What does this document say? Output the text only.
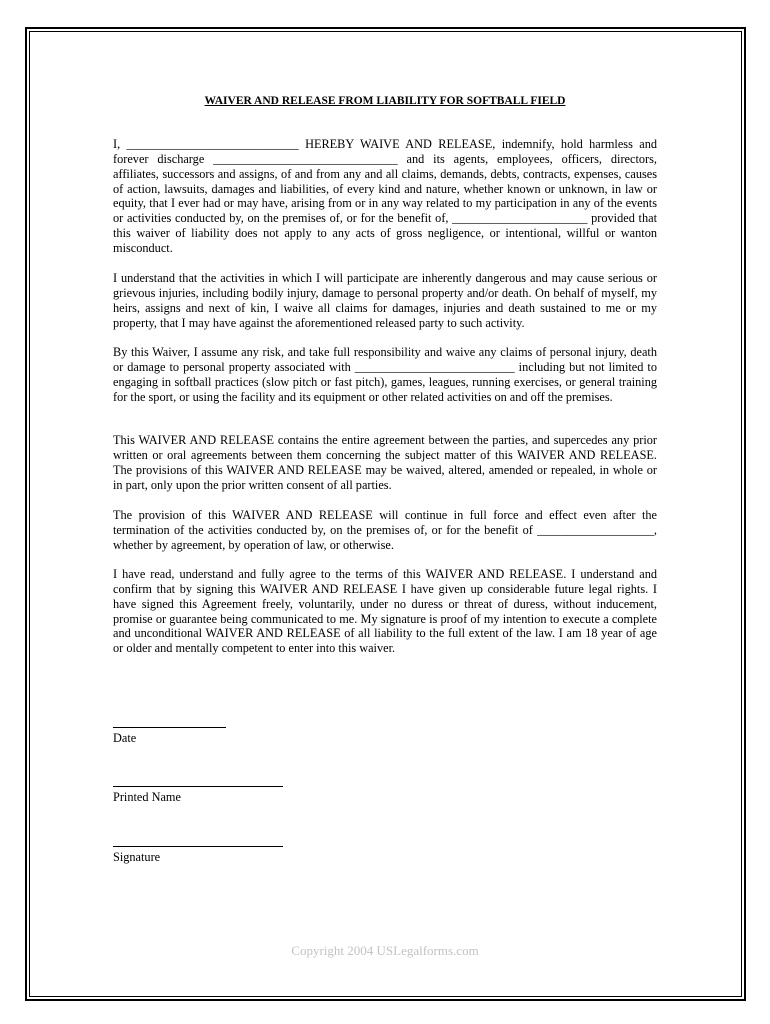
WAIVER AND RELEASE FROM LIABILITY FOR SOFTBALL FIELD

I, ____________________________ HEREBY WAIVE AND RELEASE, indemnify, hold harmless and forever discharge ______________________________ and its agents, employees, officers, directors, affiliates, successors and assigns, of and from any and all claims, demands, debts, contracts, expenses, causes of action, lawsuits, damages and liabilities, of every kind and nature, whether known or unknown, in law or equity, that I ever had or may have, arising from or in any way related to my participation in any of the events or activities conducted by, on the premises of, or for the benefit of, ______________________ provided that this waiver of liability does not apply to any acts of gross negligence, or intentional, willful or wanton misconduct.

I understand that the activities in which I will participate are inherently dangerous and may cause serious or grievous injuries, including bodily injury, damage to personal property and/or death. On behalf of myself, my heirs, assigns and next of kin, I waive all claims for damages, injuries and death sustained to me or my property, that I may have against the aforementioned released party to such activity.

By this Waiver, I assume any risk, and take full responsibility and waive any claims of personal injury, death or damage to personal property associated with __________________________ including but not limited to engaging in softball practices (slow pitch or fast pitch), games, leagues, running exercises, or general training for the sport, or using the facility and its equipment or other related activities on and off the premises.

This WAIVER AND RELEASE contains the entire agreement between the parties, and supercedes any prior written or oral agreements between them concerning the subject matter of this WAIVER AND RELEASE. The provisions of this WAIVER AND RELEASE may be waived, altered, amended or repealed, in whole or in part, only upon the prior written consent of all parties.

The provision of this WAIVER AND RELEASE will continue in full force and effect even after the termination of the activities conducted by, on the premises of, or for the benefit of ___________________, whether by agreement, by operation of law, or otherwise.

I have read, understand and fully agree to the terms of this WAIVER AND RELEASE. I understand and confirm that by signing this WAIVER AND RELEASE I have given up considerable future legal rights. I have signed this Agreement freely, voluntarily, under no duress or threat of duress, without inducement, promise or guarantee being communicated to me. My signature is proof of my intention to execute a complete and unconditional WAIVER AND RELEASE of all liability to the full extent of the law. I am 18 year of age or older and mentally competent to enter into this waiver.

Date

Printed Name

Signature

Copyright 2004 USLegalforms.com
